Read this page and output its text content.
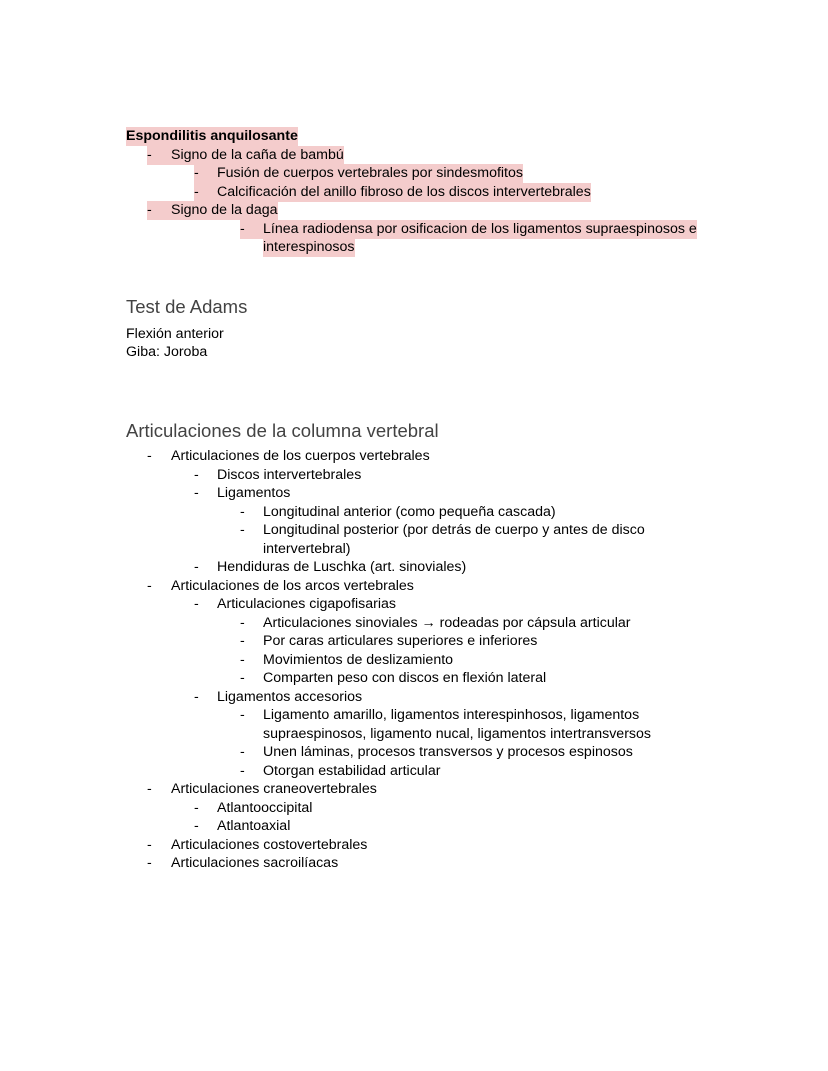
Espondilitis anquilosante
-	Signo de la caña de bambú
-	Fusión de cuerpos vertebrales por sindesmofitos
-	Calcificación del anillo fibroso de los discos intervertebrales
-	Signo de la daga
-	Línea radiodensa por osificacion de los ligamentos supraespinosos e
interespinosos
Test de Adams
Flexión anterior
Giba: Joroba
Articulaciones de la columna vertebral
- Articulaciones de los cuerpos vertebrales
- Discos intervertebrales
- Ligamentos
- Longitudinal anterior (como pequeña cascada)
- Longitudinal posterior (por detrás de cuerpo y antes de disco
intervertebral)
- Hendiduras de Luschka (art. sinoviales)
- Articulaciones de los arcos vertebrales
- Articulaciones cigapofisarias
- Articulaciones sinoviales → rodeadas por cápsula articular
- Por caras articulares superiores e inferiores
- Movimientos de deslizamiento
- Comparten peso con discos en flexión lateral
- Ligamentos accesorios
- Ligamento amarillo, ligamentos interespinhosos, ligamentos
supraespinosos, ligamento nucal, ligamentos intertransversos
- Unen láminas, procesos transversos y procesos espinosos
- Otorgan estabilidad articular
- Articulaciones craneovertebrales
- Atlantooccipital
- Atlantoaxial
- Articulaciones costovertebrales
- Articulaciones sacroilíacas
